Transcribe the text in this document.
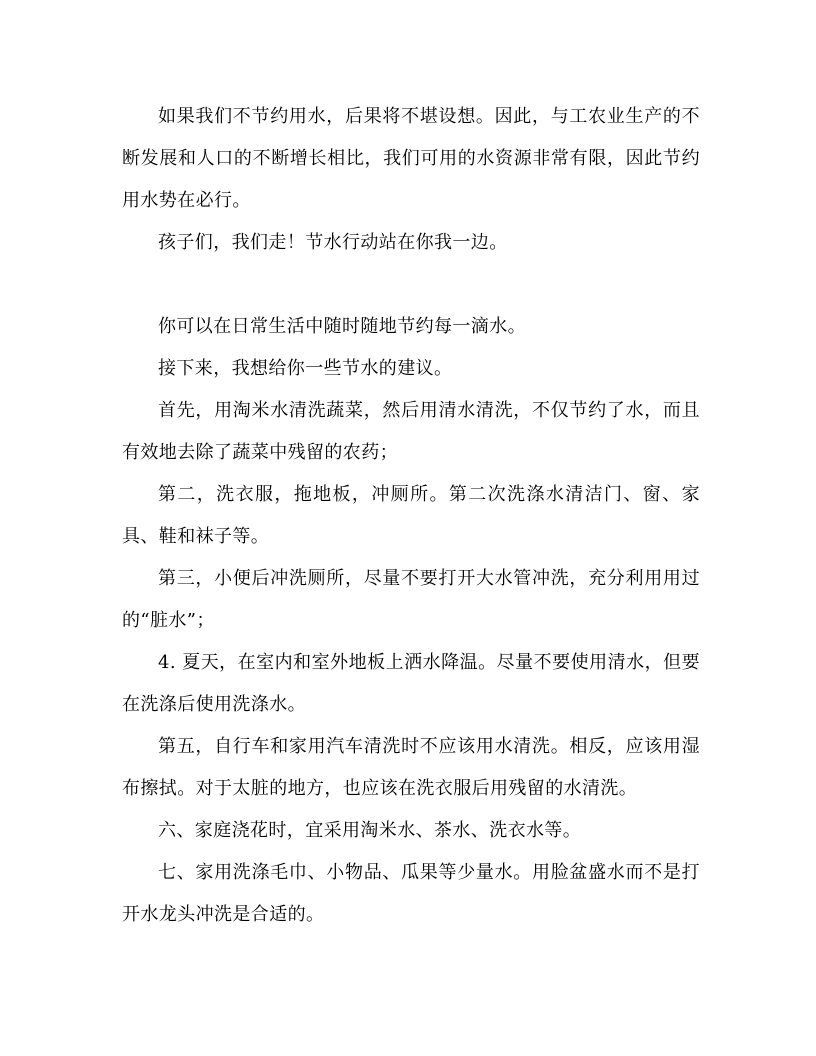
如果我们不节约用水，后果将不堪设想。因此，与工农业生产的不断发展和人口的不断增长相比，我们可用的水资源非常有限，因此节约用水势在必行。

孩子们，我们走！节水行动站在你我一边。

你可以在日常生活中随时随地节约每一滴水。

接下来，我想给你一些节水的建议。

首先，用淘米水清洗蔬菜，然后用清水清洗，不仅节约了水，而且有效地去除了蔬菜中残留的农药；

第二，洗衣服，拖地板，冲厕所。第二次洗涤水清洁门、窗、家具、鞋和袜子等。

第三，小便后冲洗厕所，尽量不要打开大水管冲洗，充分利用用过的“脏水”；

4. 夏天，在室内和室外地板上洒水降温。尽量不要使用清水，但要在洗涤后使用洗涤水。

第五，自行车和家用汽车清洗时不应该用水清洗。相反，应该用湿布擦拭。对于太脏的地方，也应该在洗衣服后用残留的水清洗。

六、家庭浇花时，宜采用淘米水、茶水、洗衣水等。

七、家用洗涤毛巾、小物品、瓜果等少量水。用脸盆盛水而不是打开水龙头冲洗是合适的。
